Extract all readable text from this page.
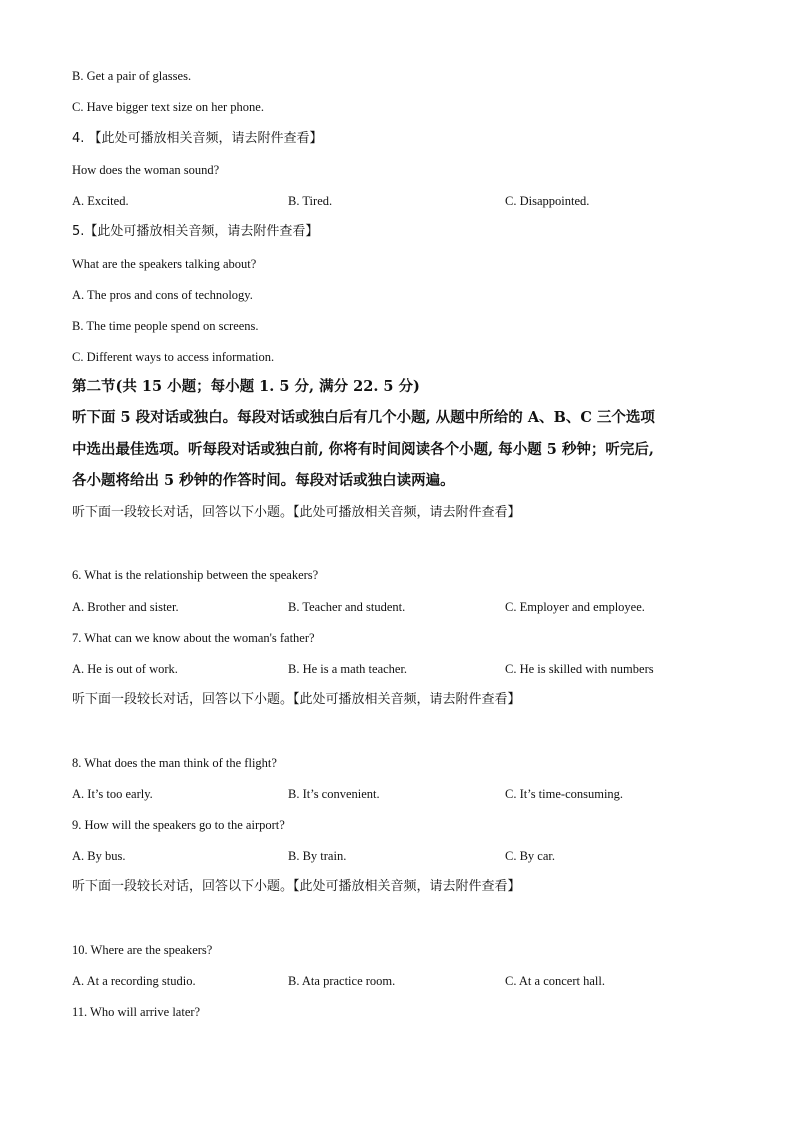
B. Get a pair of glasses.
C. Have bigger text size on her phone.
4. 【此处可播放相关音频，请去附件查看】
How does the woman sound?
A. Excited.	B. Tired.	C. Disappointed.
5.【此处可播放相关音频，请去附件查看】
What are the speakers talking about?
A. The pros and cons of technology.
B. The time people spend on screens.
C. Different ways to access information.
第二节(共 15 小题；每小题 1. 5 分, 满分 22. 5 分)
听下面 5 段对话或独白。每段对话或独白后有几个小题, 从题中所给的 A、B、C 三个选项
中选出最佳选项。听每段对话或独白前, 你将有时间阅读各个小题, 每小题 5 秒钟；听完后,
各小题将给出 5 秒钟的作答时间。每段对话或独白读两遍。
听下面一段较长对话，回答以下小题。【此处可播放相关音频，请去附件查看】
6. What is the relationship between the speakers?
A. Brother and sister.	B. Teacher and student.	C. Employer and employee.
7. What can we know about the woman's father?
A. He is out of work.	B. He is a math teacher.	C. He is skilled with numbers
听下面一段较长对话，回答以下小题。【此处可播放相关音频，请去附件查看】
8. What does the man think of the flight?
A. It’s too early.	B. It’s convenient.	C. It’s time-consuming.
9. How will the speakers go to the airport?
A. By bus.	B. By train.	C. By car.
听下面一段较长对话，回答以下小题。【此处可播放相关音频，请去附件查看】
10. Where are the speakers?
A. At a recording studio.	B. Ata practice room.	C. At a concert hall.
11. Who will arrive later?
